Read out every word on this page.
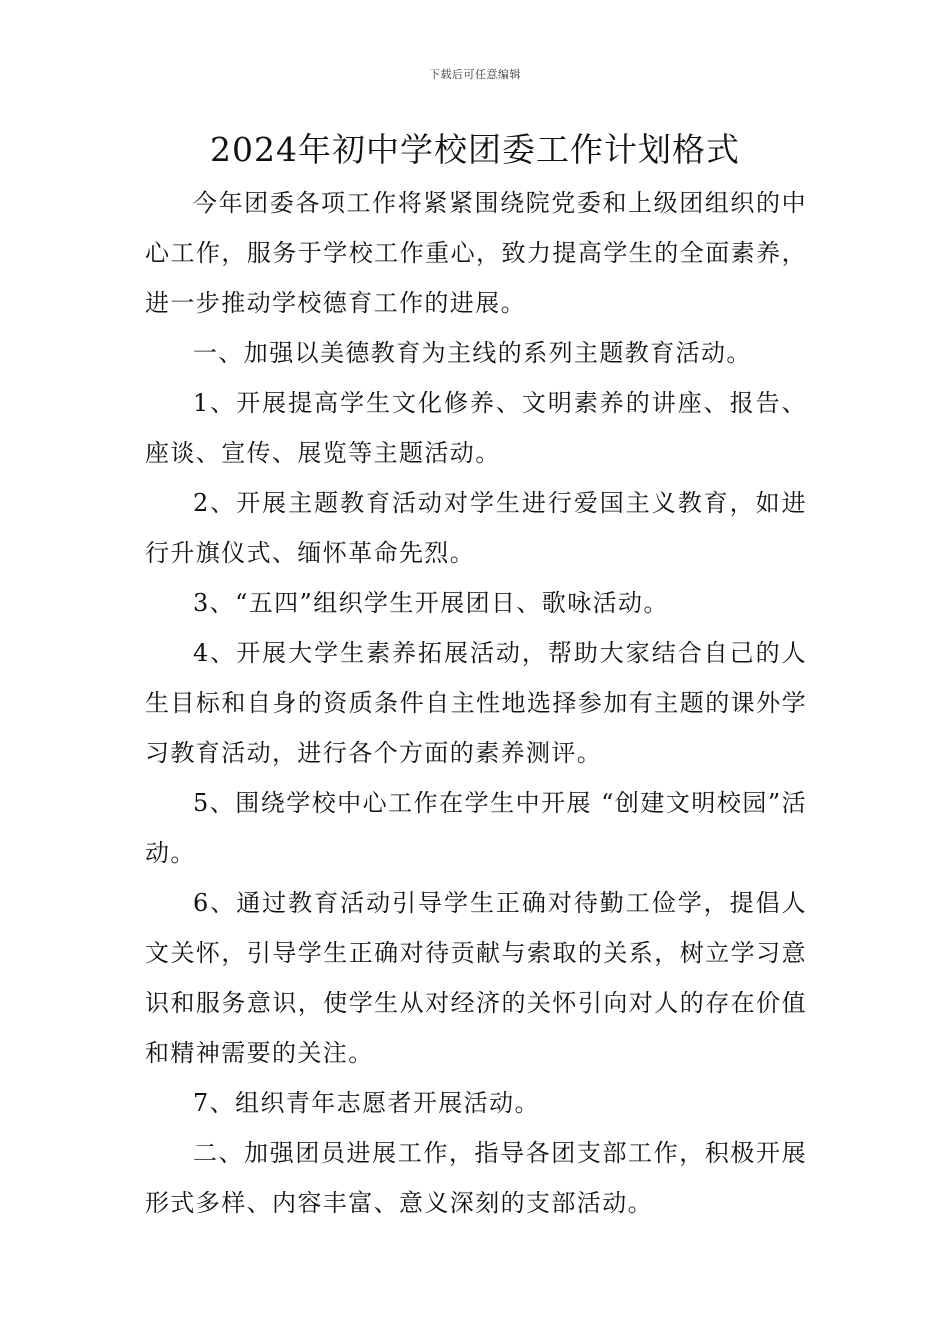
下载后可任意编辑
2024年初中学校团委工作计划格式

今年团委各项工作将紧紧围绕院党委和上级团组织的中心工作，服务于学校工作重心，致力提高学生的全面素养，进一步推动学校德育工作的进展。

一、加强以美德教育为主线的系列主题教育活动。

1、开展提高学生文化修养、文明素养的讲座、报告、座谈、宣传、展览等主题活动。

2、开展主题教育活动对学生进行爱国主义教育，如进行升旗仪式、缅怀革命先烈。

3、“五四”组织学生开展团日、歌咏活动。

4、开展大学生素养拓展活动，帮助大家结合自己的人生目标和自身的资质条件自主性地选择参加有主题的课外学习教育活动，进行各个方面的素养测评。

5、围绕学校中心工作在学生中开展 “创建文明校园”活动。

6、通过教育活动引导学生正确对待勤工俭学，提倡人文关怀，引导学生正确对待贡献与索取的关系，树立学习意识和服务意识，使学生从对经济的关怀引向对人的存在价值和精神需要的关注。

7、组织青年志愿者开展活动。

二、加强团员进展工作，指导各团支部工作，积极开展形式多样、内容丰富、意义深刻的支部活动。
